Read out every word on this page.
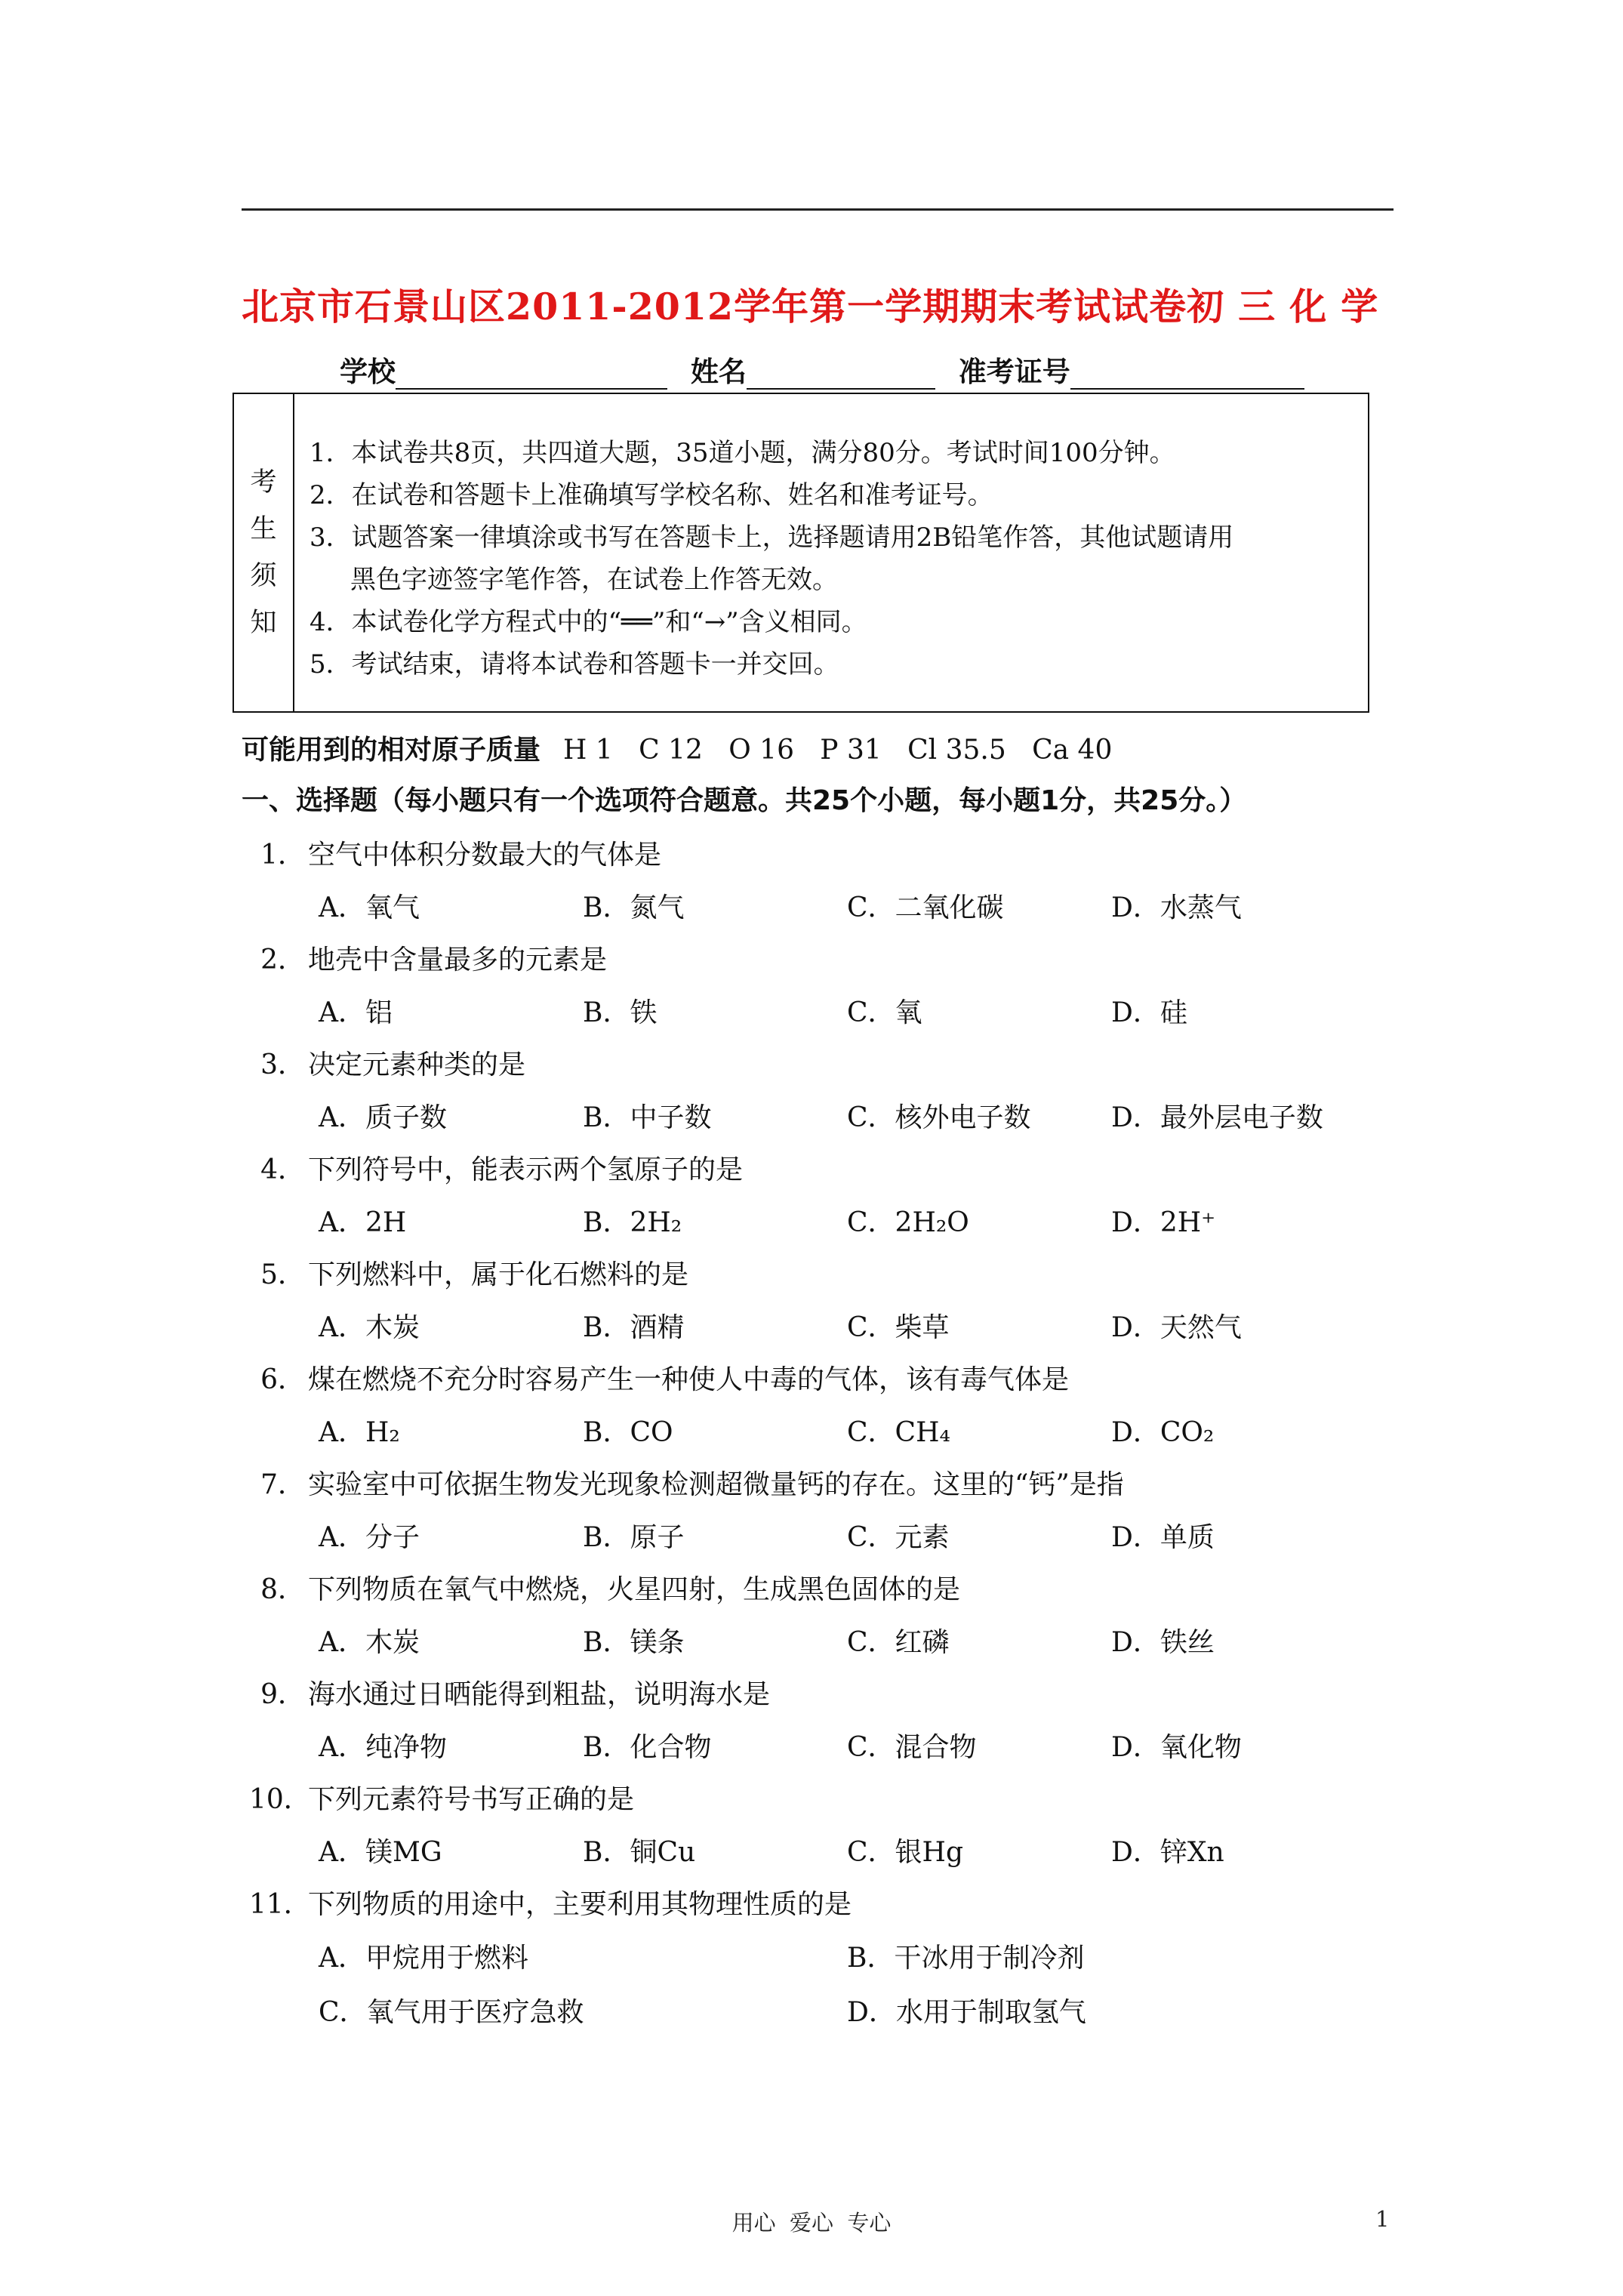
北京市石景山区2011-2012学年第一学期期末考试试卷初 三 化 学
学校	姓名	准考证号
考
生
须
知
1．本试卷共8页，共四道大题，35道小题，满分80分。考试时间100分钟。
2．在试卷和答题卡上准确填写学校名称、姓名和准考证号。
3．试题答案一律填涂或书写在答题卡上，选择题请用2B铅笔作答，其他试题请用
黑色字迹签字笔作答，在试卷上作答无效。
4．本试卷化学方程式中的“══”和“→”含义相同。
5．考试结束，请将本试卷和答题卡一并交回。
可能用到的相对原子质量 H 1   C 12   O 16   P 31   Cl 35.5   Ca 40
一、选择题（每小题只有一个选项符合题意。共25个小题，每小题1分，共25分。）
1． 空气中体积分数最大的气体是
A．氧气	B．氮气	C．二氧化碳	D．水蒸气
2． 地壳中含量最多的元素是
A．铝	B．铁	C．氧	D．硅
3． 决定元素种类的是
A．质子数	B．中子数	C．核外电子数	D．最外层电子数
4． 下列符号中，能表示两个氢原子的是
A．2H	B．2H₂	C．2H₂O	D．2H⁺
5． 下列燃料中，属于化石燃料的是
A．木炭	B．酒精	C．柴草	D．天然气
6． 煤在燃烧不充分时容易产生一种使人中毒的气体，该有毒气体是
A．H₂	B．CO	C．CH₄	D．CO₂
7． 实验室中可依据生物发光现象检测超微量钙的存在。这里的“钙”是指
A．分子	B．原子	C．元素	D．单质
8． 下列物质在氧气中燃烧，火星四射，生成黑色固体的是
A．木炭	B．镁条	C．红磷	D．铁丝
9． 海水通过日晒能得到粗盐，说明海水是
A．纯净物	B．化合物	C．混合物	D．氧化物
10．下列元素符号书写正确的是
A．镁MG	B．铜Cu	C．银Hg	D．锌Xn
11．下列物质的用途中，主要利用其物理性质的是
A．甲烷用于燃料	B．干冰用于制冷剂
C．氧气用于医疗急救	D．水用于制取氢气
用心  爱心  专心	1
